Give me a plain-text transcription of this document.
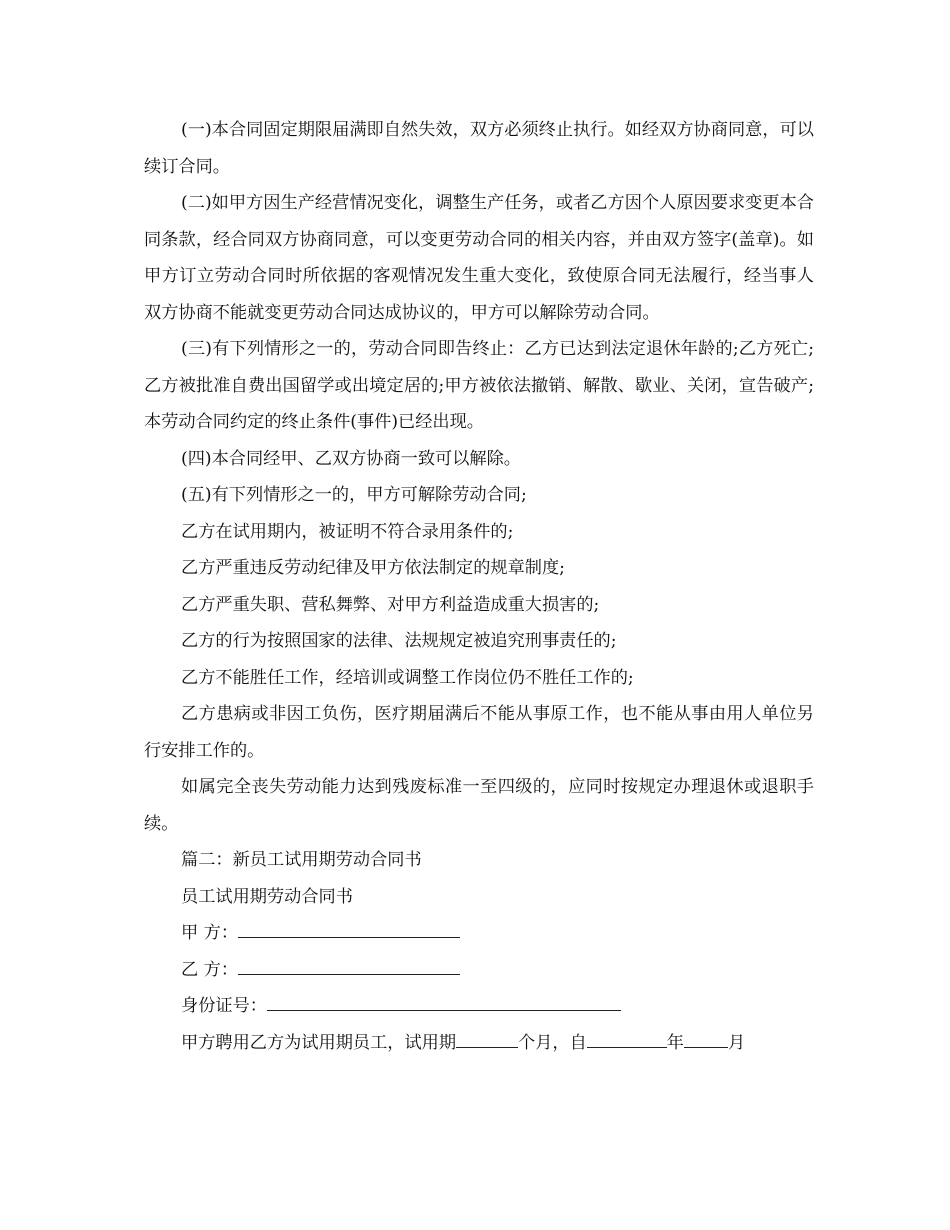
(一)本合同固定期限届满即自然失效，双方必须终止执行。如经双方协商同意，可以续订合同。

(二)如甲方因生产经营情况变化，调整生产任务，或者乙方因个人原因要求变更本合同条款，经合同双方协商同意，可以变更劳动合同的相关内容，并由双方签字(盖章)。如甲方订立劳动合同时所依据的客观情况发生重大变化，致使原合同无法履行，经当事人双方协商不能就变更劳动合同达成协议的，甲方可以解除劳动合同。

(三)有下列情形之一的，劳动合同即告终止：乙方已达到法定退休年龄的;乙方死亡;乙方被批准自费出国留学或出境定居的;甲方被依法撤销、解散、歇业、关闭，宣告破产;本劳动合同约定的终止条件(事件)已经出现。

(四)本合同经甲、乙双方协商一致可以解除。

(五)有下列情形之一的，甲方可解除劳动合同;

乙方在试用期内，被证明不符合录用条件的;

乙方严重违反劳动纪律及甲方依法制定的规章制度;

乙方严重失职、营私舞弊、对甲方利益造成重大损害的;

乙方的行为按照国家的法律、法规规定被追究刑事责任的;

乙方不能胜任工作，经培训或调整工作岗位仍不胜任工作的;

乙方患病或非因工负伤，医疗期届满后不能从事原工作，也不能从事由用人单位另行安排工作的。

如属完全丧失劳动能力达到残废标准一至四级的，应同时按规定办理退休或退职手续。

篇二：新员工试用期劳动合同书

员工试用期劳动合同书

甲 方：

乙 方：

身份证号：

甲方聘用乙方为试用期员工，试用期	个月，自	年	月
